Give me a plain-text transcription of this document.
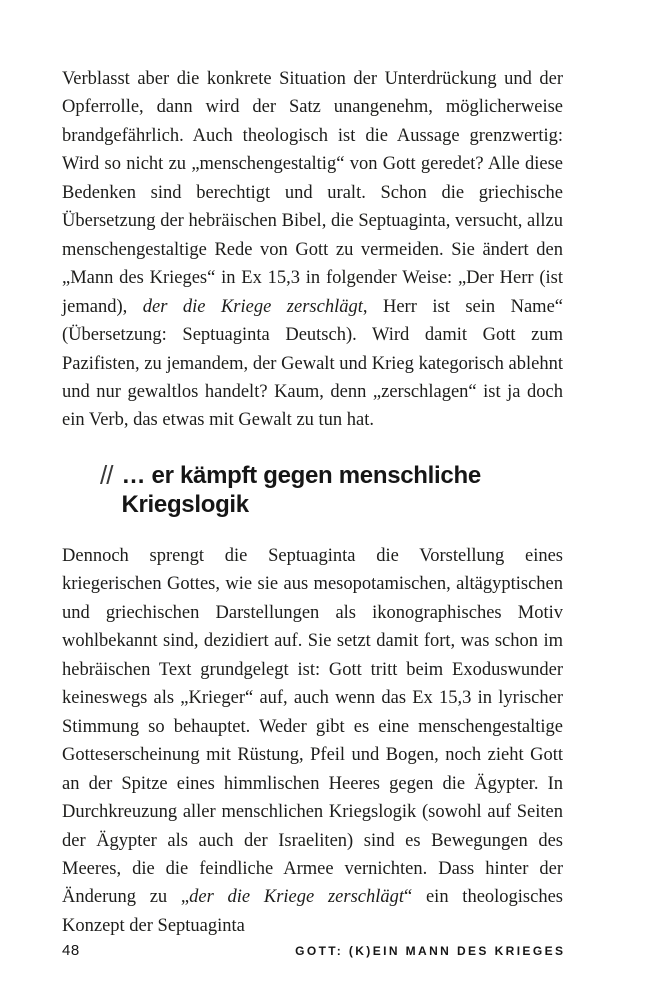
Verblasst aber die konkrete Situation der Unterdrückung und der Opferrolle, dann wird der Satz unangenehm, möglicherweise brandgefährlich. Auch theologisch ist die Aussage grenzwertig: Wird so nicht zu „menschengestaltig“ von Gott geredet? Alle diese Bedenken sind berechtigt und uralt. Schon die griechische Übersetzung der hebräischen Bibel, die Septuaginta, versucht, allzu menschengestaltige Rede von Gott zu vermeiden. Sie ändert den „Mann des Krieges“ in Ex 15,3 in folgender Weise: „Der Herr (ist jemand), der die Kriege zerschlägt, Herr ist sein Name“ (Übersetzung: Septuaginta Deutsch). Wird damit Gott zum Pazifisten, zu jemandem, der Gewalt und Krieg kategorisch ablehnt und nur gewaltlos handelt? Kaum, denn „zerschlagen“ ist ja doch ein Verb, das etwas mit Gewalt zu tun hat.

// … er kämpft gegen menschliche
Kriegslogik

Dennoch sprengt die Septuaginta die Vorstellung eines kriegerischen Gottes, wie sie aus mesopotamischen, altägyptischen und griechischen Darstellungen als ikonographisches Motiv wohlbekannt sind, dezidiert auf. Sie setzt damit fort, was schon im hebräischen Text grundgelegt ist: Gott tritt beim Exoduswunder keineswegs als „Krieger“ auf, auch wenn das Ex 15,3 in lyrischer Stimmung so behauptet. Weder gibt es eine menschengestaltige Gotteserscheinung mit Rüstung, Pfeil und Bogen, noch zieht Gott an der Spitze eines himmlischen Heeres gegen die Ägypter. In Durchkreuzung aller menschlichen Kriegslogik (sowohl auf Seiten der Ägypter als auch der Israeliten) sind es Bewegungen des Meeres, die die feindliche Armee vernichten. Dass hinter der Änderung zu „der die Kriege zerschlägt“ ein theologisches Konzept der Septuaginta

48	GOTT: (K)EIN MANN DES KRIEGES
